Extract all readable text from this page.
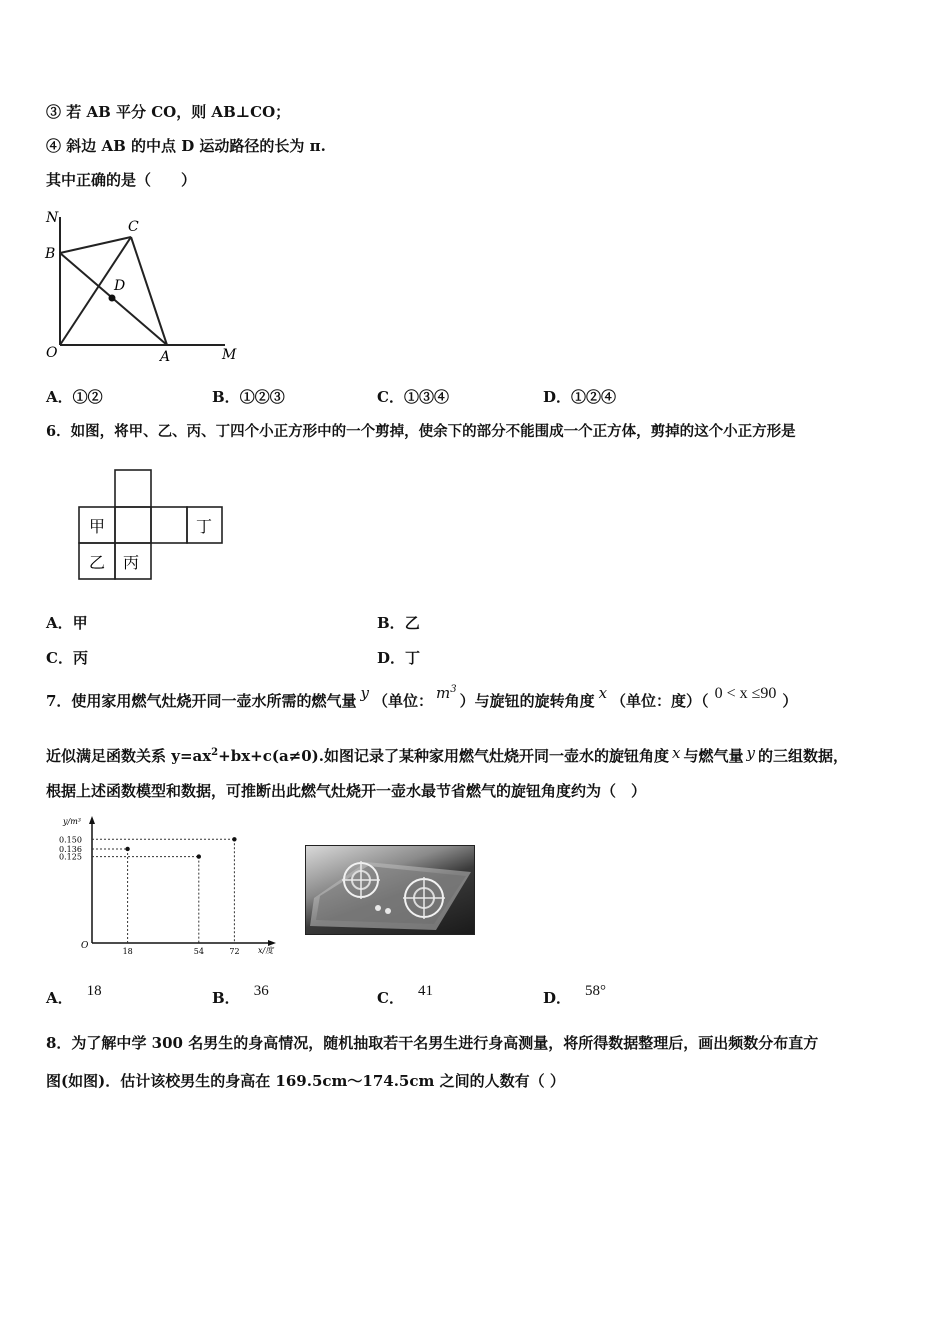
③ 若 AB 平分 CO，则 AB⊥CO；
④ 斜边 AB 的中点 D 运动路径的长为 π.
其中正确的是（　　）
N
C
B
D
O	A	M
A．①②	B．①②③	C．①③④	D．①②④
6．如图，将甲、乙、丙、丁四个小正方形中的一个剪掉，使余下的部分不能围成一个正方体，剪掉的这个小正方形是
甲	丁
乙 丙
A．甲	B．乙
C．丙	D．丁
7．使用家用燃气灶烧开同一壶水所需的燃气量 y （单位： $m^3$）与旋钮的旋转角度 x （单位：度）（ 0 < x ≤90 ）
近似满足函数关系 $y=ax^2+bx+c(a\ne 0)$.如图记录了某种家用燃气灶烧开同一壶水的旋钮角度 x 与燃气量 y 的三组数据，
根据上述函数模型和数据，可推断出此燃气灶烧开一壶水最节省燃气的旋钮角度约为（　）
y/m³
x/度
O
18	54	72
0.150
0.136
0.125
A． 18	B． 36	C． 41	D． 58°
8．为了解中学 300 名男生的身高情况，随机抽取若干名男生进行身高测量，将所得数据整理后，画出频数分布直方
图(如图)．估计该校男生的身高在 169.5cm～174.5cm 之间的人数有（ ）
